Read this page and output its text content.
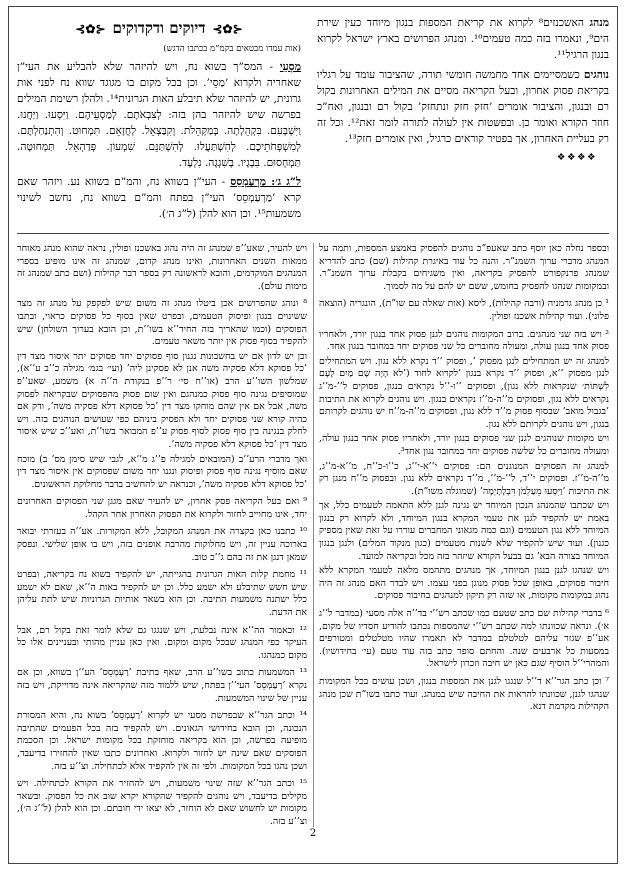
מנהג האשכנזים⁸ לקרוא את קריאת המספות בנגון מיוחד כעין שירת הים⁹, ונאמרו בזה כמה טעמים¹⁰. ומנהג הפרושים בארץ ישראל לקרוא בנגון הרגיל¹¹.

נוהגים כשמסיימים אחד מחמשה חומשי תורה, שהציבור עומד על רגליו בקריאת פסוק אחרון, ובעל הקריאה מסיים את המילים האחרונות בקול רם ובנגון, והציבור אומרים ’חזק חזק ונתחזק’ בקול רם ובנגון, ואח”כ חוזר הקורא ואומר כן. ובפשטות אין לעולה לתורה לומר זאת¹². וכל זה רק בעליית האחרון, אך בפטיר קוראים כרגיל, ואין אומרים חזק¹³.

❖❖❖❖
⊰✿⊱
דיוקים ודקדוקים
⊰✿⊱

(אות עמדו מבטאים בקמ”מ בכתבו הדגש)

מַסְעֵי - המס”ך בשוא נח, ויש להיזהר שלא להבליע את העי”ן שאחריה ולקרוא ’מַסֵי’. וכן בכל מקום בו מגוגד שווא נח לפני אות גרונית, יש להיזהר שלא תיבלע האות הגרונית¹⁴. ולהלן רשימת המילים בפרשה שיש להיזהר בהן בזה: לְצִבְאֹתָם. לְמַסְעֵיהֶם. וַיִּסְעוּ. וַיַּחֲנוּ. וַיִּשְׁבְּעִם. בִּקְהֵלָתָה. בְּמַקְהֵלֹת. וְקִבַּצְאֵל. לְחֲזָאֵם. תִּמְחוּט. וְהִתְנַחַלְתֶּם. לְמִשְׁפְּחֹתֵיכֶם. לְהִשְׁתַּעֲלוּ. לְהִשְׁתַּנֵּם. שִׁמְעוֹן. פְּדַהְאֵל. תַּמְחוּטָה. תַּמְחָסוּם. בִּבְגָיו. בְּשִׁגְגָה. נִלְעָד.

ל”ג ג׳: מַרְעַמְסֵס - העי”ן בשווא נח, והמ”ם בשווא נע. ויזהר שאם קרא ’מַרְעַמְסֵס’ העי”ן בפתח והמ”ם בשווא נח, נחשב לשינוי משמעות¹⁵. וכן הוא להלן (ל”ג ה׳).

ובספר נחלה כאן יוסף כתב שאעפ”כ נוהגים להפסיק באמצע המספות, ותמה על המנהג מדברי ערוך השמנ”ר. והנה כל עוד באיגרת קהילות (שם) כתב להדריא שמנהג פרנקפורט להפסיק בקריאה, ואין משגיחים בקבלת ערוך השמנ”ר. ובמקומות שנהגו להפסיק בחומש, ששם יש להם על מה לסמוך.

¹ כן מנהג גרמניה (ורבה קהילות), ליסא (אות שאלה עם שו”ת), הונגריה (הוצאה פלוני). ועוד קהילות אשכנז ופולין.

² ויש בזה שני מנהגים. ברוב המקומות נוהגים לגנן פסוק אחד בנגון יורד, ולאחריו פסוק אחד בנגון עולה, ומעולה מחוברים כל שני פסוקים יחד במחובר בנגון אחד.

למנהג זה יש המתחילים לנגן מפסוק ’, ופסוק ’’ד נקרא ללא נגון. ויש המתחילים לנגן מפסוק ’’א, ופסוק ’’ד נקרא בנגון ’לקרוא לחוד (’לא הָיָה שָׁם מַיִם לָעָם לִשְׁתּוֹת׳ שנקראות ללא נגון), ופסוקים ’’ו-’’ל נקראים בנגון, פסוקים ל’’-מ’’ג נקראים ללא נגון, ופסוקים מ’’ה-מ’’ז נקראים בנגון. ויש נוהגים לקרוא את התיבות ’בגבול מואב’ שבסוף פסוק מ’’ד ללא נגון, ופסוקים מ’’ה-מ’’ח יש נוהגים לקרותם בנגון, ויש נוהגים לקרותם ללא נגון.

ויש מקומות שנוהגים לגנן שני פסוקים בנגון יורד, ולאחריו פסוק אחד בנגון עולה, ומעולה מחוברים כל שלשה פסוקים יחד במחובר נגון אחד³.

למנהג זה הפסוקים המנוגנים הם: פסוקים י’’א-י’’ג, כ’’ו-כ’’ח, מ’’א-מ’’ג, מ’’ה-מ’’ז. ופסוקים י’’ד, ל’’-מ’’, מ’’ד נקראים ללא נגון. ובפסוק מ’’ח מנגן רק את התיבות ’וַיִּסְעוּ מֵעַלְמֹן דִּבְלָתָיְמָה’ (שמוגלה משו”ת).

ויש שכתבו שהמנהג הנכון המיוחד יש נגינה לגנן ללא התאמה לטעמים כלל, אך באמת יש להקפיד לגנן את טעמי המקרא בנגון המיוחד, ולא לקרוא רק בנגון המיוחד ללא נגון הטעמים (וגם כמה מגאוני המחברים עוררו על זאת שאין מספיק כגנון). ועוד שיש להקפיד שלא לשנות מטעמים (כגון מנקוד המלים) ולנגן בנגון המיוחד בצורה הבא’ גם בבעל הקורא שיזהר בזה מכל ובקריאה למועד.

ויש שנהגו לגנן בנגון המיוחד, אך מנהגים מתהמס מלאה לטעמי המקרא ללא חיבור פסוקים, באופן שכל פסוק מנוגן בפני עצמו. ויש לבדר האם מנהג זה היה נהוג במקומות מקומות, או שזה רק תיקון למנהגים בחיבור פסוקים.

⁶ בדברי קהילות שם כתב שטעם כמו שכתב רש’’י בד’’ה אלה מסעי (במדבר ל’’ג א׳). ונראה שכוונתו למה שכתב רש’’י שהמספות נכתבו להודיע חסדיו של מקום, אע’’פ שגזר עליהם לטלטלם במדבר לא תאמרו שהיו מטלטלים ומטורפים במסעות כל ארבעים שנה. והחתם סופר כתב בזה עוד טעם (עי׳ בחידושיו). והמהרי’’ל הוסיף שגם כאן יש חיבה וזכרון לישראל.

⁷ וכן כתב הגר’’א ד’’ל שנגגו לגנן את המספות בנגון, ושכן עושים בכל המקומות שנהגו לגנן, שכוונתו להראות את החיבה שיש במנהג. ועוד כתבו בשו”ת שכן מנהג הקהילות מקדמת דנא.

ויש להעיר, שאע’’פ שמנהג זה היה נהוג באשכנז ופולין, נראה שהוא מנהג מאוחר ממאות השנים האחרונות, ואינו מנהג קדום, שמנהג זה אינו מופיע בספרי המנהגים המוקדמים, והובא לראשונה רק בספר דבר קהילות (ושם כתב שמנהג זה מימות עולם).

⁸ ונוהג שהפרושים אכן ביטלו מנהג זה משום שיש לפקפק על מנהג זה מצד ששינוים בנגון ופיסוק הטעמים, ובפרט שאין בסוף כל פסוקים כראוי, ובתבו הפוסקים (וכמו שהאריך בזה החיד’’א בשו’’ת, וכן הובא בערוך השולחן) שיש להקפיד בסוף פסוק אין יותר משאר טעמים.

וכן יש לדון אם יש בחשבונות נגנון סוף פסוקים יחד פסוקים יתר איסור מצד דין ’כל פסוקא דלא פסקיה משה אנן לא פסקינן ליה’ (ועי׳ בגמ׳ מגילה כ’’ב ע’’א), שמלשון השו’’ע הרב (או’’ח סי׳ ר’’פ בנקודת ה’’ה א) משמע, שאע’’פ שמוסיפים נגינה סוף פסוק כמנהגם ואין שום פסוק מהפסוקים שבקריאה לפסוק משה, אבל אם אין שהם מוחקו מצד דין ’כל פסוקא דלא פסקיה משה’, ודק אם כהיה קורא שני פסוקים יחד ולא הפסיק ביניהם כפי שעושים הנוהגים בזה. ויש לחלק בנגינה בין סוף פסוק לסוף פסוק ע’’פ המבואר בשו’’ת, ואע’’כ שיש איסור מצד דין ’כל פסוקא דלא פסקיה משה’.

ואך מדברי הרע’’ב (המובאים למגילה פ’’ג מ’’א, לגבי שיש סימן מס’ ב) מוכח שאם מוסיף נגינה סוף פסוק ופיסוק ונגנו יחד משום שפסוקים אין איסור מצד דין ’כל פסוקא דלא פסקיה משה’, וכנראה יש להחשיב בדבר מחלוקת הראשונים.

⁹ ואם בעל הקריאה פסק אחרון, יש להעיר שאם מגגן שני הפסוקים האחרונים יחד, אינו מחוייב לחזור ולקרוא את הפסוק האחרון אחר הקהל.

¹⁰ כתבנו כאן בקצרה את המנהג המקובל, ללא המקורות. אע’’ה בעזרתי יבואר בארוכה עניין זה, ויש מחלוקות מהרבה אופנים בזה, ויש בו אופן שלישי. ונפסק שמאן דנגן את זה בהם ג’’כ טוב.

¹¹ מחמת קלות האות הגרונית בהגייתה, יש להקפיד בשוא נח בקריאה, ובפרט שיש חשש שתיבלע ולא ישמע כלל. וכן יש להקפיד באות ה’’א, שאם לא ישמע כלל ישתנה משמעות התיבה. וכן הוא בשאר אותיות הגרוניות שיש לתת עליהן את הדעת.

¹² וכאמור הה’’א אינה נבלעת, ויש שנגגו גם שלא לומר זאת בקול רם, אבל העיקר כפי המנהג שבכל מקום ומקום. ואין כאן עניין מהותי ובעניינים אלו כל מקום כמנהגו.

¹³ המשמעות כתוב בשו’’ע הרב, שאף בתיבת ’רַעְמְסֵס’ הע’’ן בשווא, וכן אם נקרא ’רַעַמְסֵס’ העי’’ן בפתח, שיש ללמוד מזה שהקריאה אינה מדוייקת, ויש בזה עניין של שינוי המשמעות.

¹⁴ וכתב הגר’’א שבפרשת מסעי יש לקרוא ’רַעְמְסֵס’ בשוא נח, והיא המסורת הנכונה, וכן הובא בחידושי הגאונים. ויש להקפיד בזה בכל הפעמים שהתיבה מופיעה בפרשה, וכן הוא בקריאה מוחזקת בכל מקומות ישראל. וכן הסכמת הפוסקים שאם שינה יש לחזור ולקרוא. ואחרונים כתבו שאין להחזירו בדיעבד, ושכן נהגו בכל המקומות. ולפי זה אין להקפיד אלא לכתחילה. וצ’’ע בזה.

¹⁵ וכתב הגר’’א שזה שינוי משמעות, ויש להחזיר את הקורא לכתחילה. ויש מקילים בדיעבד, ויש נוהגים להקפיד שהקורא יקרא שוב את כל הפסוק. ובשאר מקומות יש לחשוש שאם לא הוחזר, לא יצאו ידי חובתם. וכן הוא להלן (ל’’ג ה׳), וצ’’ע בזה.

2
